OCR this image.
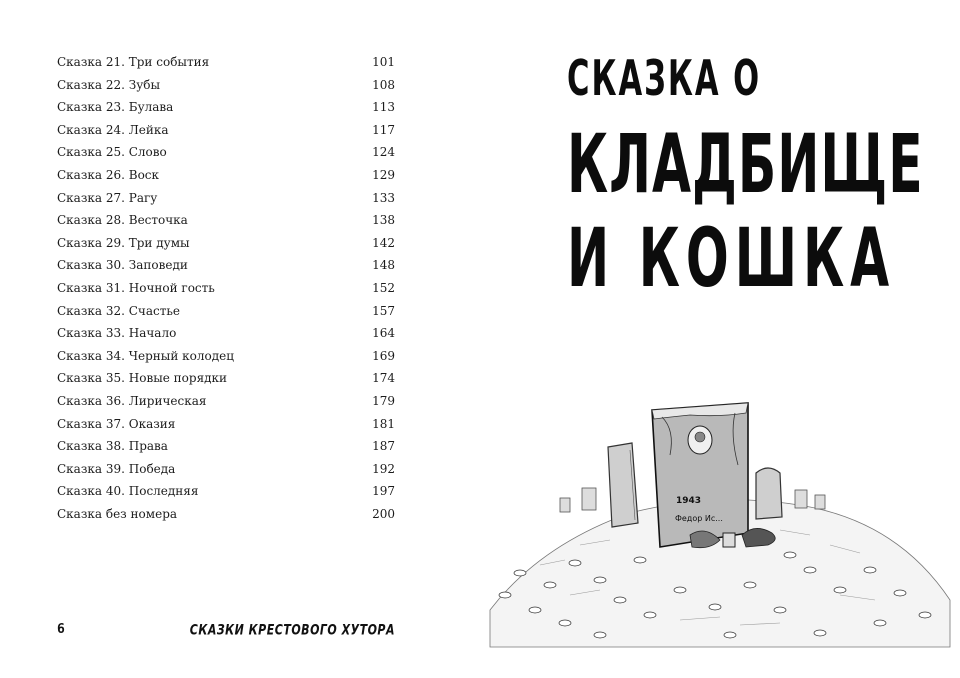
Сказка 21. Три события	101
Сказка 22. Зубы	108
Сказка 23. Булава	113
Сказка 24. Лейка	117
Сказка 25. Слово	124
Сказка 26. Воск	129
Сказка 27. Рагу	133
Сказка 28. Весточка	138
Сказка 29. Три думы	142
Сказка 30. Заповеди	148
Сказка 31. Ночной гость	152
Сказка 32. Счастье	157
Сказка 33. Начало	164
Сказка 34. Черный колодец	169
Сказка 35. Новые порядки	174
Сказка 36. Лирическая	179
Сказка 37. Оказия	181
Сказка 38. Права	187
Сказка 39. Победа	192
Сказка 40. Последняя	197
Сказка без номера	200
6	СКАЗКИ КРЕСТОВОГО ХУТОРА
СКАЗКА О
КЛАДБИЩЕ
И КОШКА
1943
Федор Ис...
